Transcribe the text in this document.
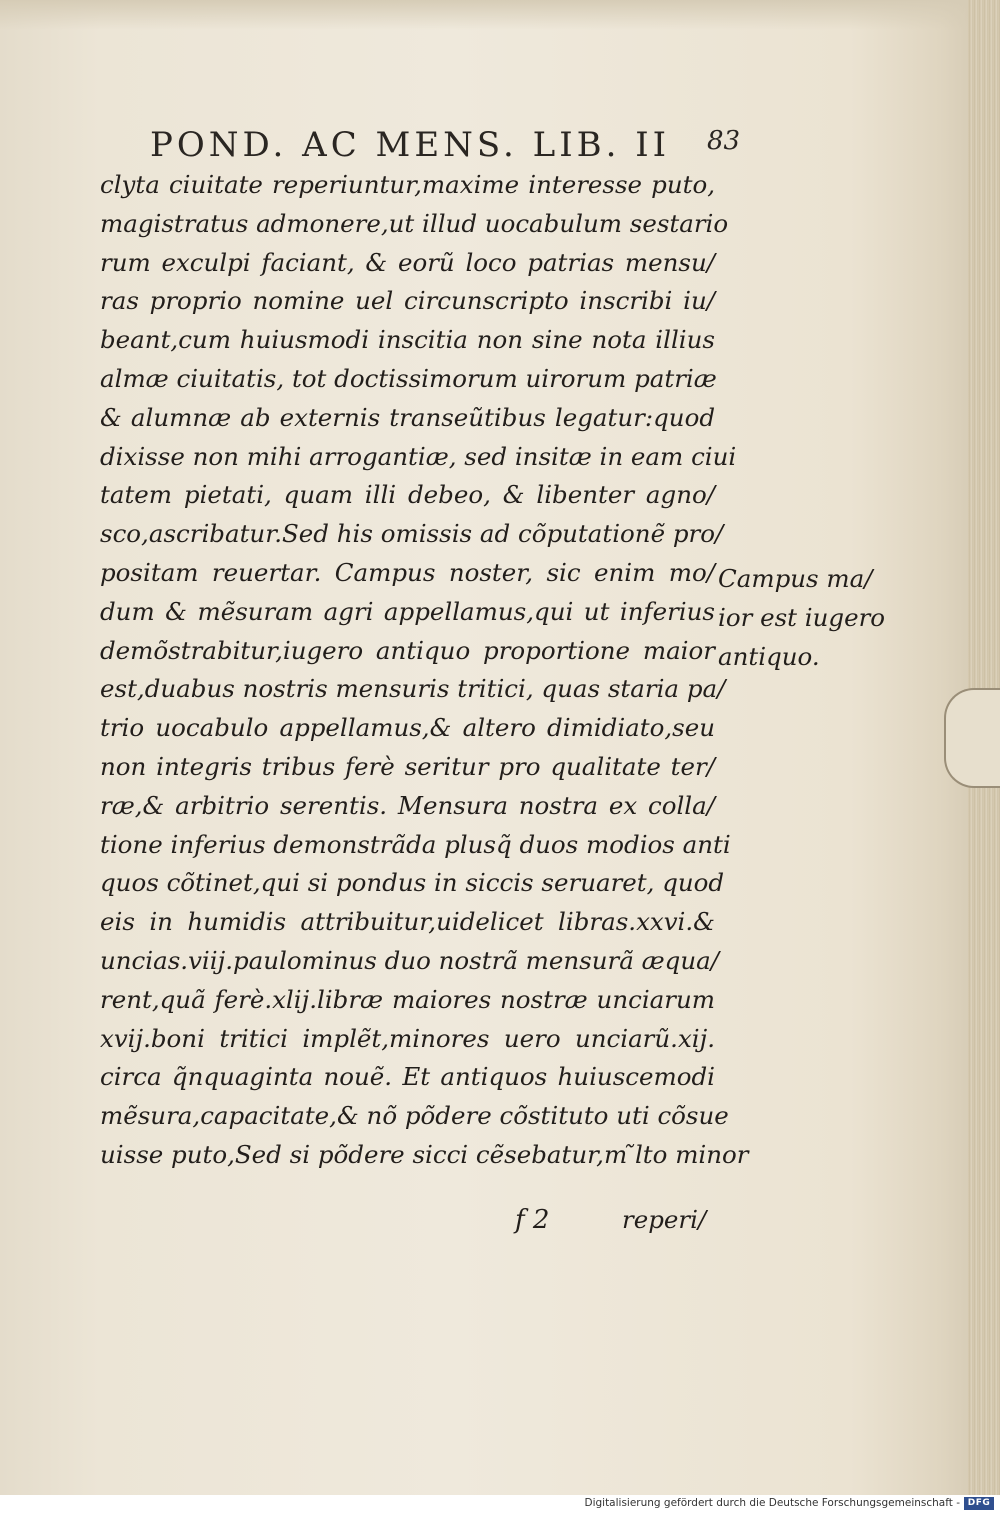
POND. AC MENS. LIB. II 83
clyta ciuitate reperiuntur,maxime interesse puto,
magistratus admonere,ut illud uocabulum sestario
rum exculpi faciant, & eorũ loco patrias mensu/
ras proprio nomine uel circunscripto inscribi iu/
beant,cum huiusmodi inscitia non sine nota illius
almæ ciuitatis, tot doctissimorum uirorum patriæ
& alumnæ ab externis transeũtibus legatur:quod
dixisse non mihi arrogantiæ, sed insitæ in eam ciui
tatem pietati, quam illi debeo, & libenter agno/
sco,ascribatur.Sed his omissis ad cõputationẽ pro/
positam reuertar. Campus noster, sic enim mo/
dum & mẽsuram agri appellamus,qui ut inferius
demõstrabitur,iugero antiquo proportione maior
est,duabus nostris mensuris tritici, quas staria pa/
trio uocabulo appellamus,& altero dimidiato,seu
non integris tribus ferè seritur pro qualitate ter/
ræ,& arbitrio serentis. Mensura nostra ex colla/
tione inferius demonstrãda plusq̃ duos modios anti
quos cõtinet,qui si pondus in siccis seruaret, quod
eis in humidis attribuitur,uidelicet libras.xxvi.&
uncias.viij.paulominus duo nostrã mensurã æqua/
rent,quã ferè.xlij.libræ maiores nostræ unciarum
xvij.boni tritici implẽt,minores uero unciarũ.xij.
circa q̃nquaginta nouẽ. Et antiquos huiuscemodi
mẽsura,capacitate,& nõ põdere cõstituto uti cõsue
uisse puto,Sed si põdere sicci cẽsebatur,m ̃lto minor
Campus ma/
ior est iugero
antiquo.
f 2	reperi/
Digitalisierung gefördert durch die Deutsche Forschungsgemeinschaft - DFG
